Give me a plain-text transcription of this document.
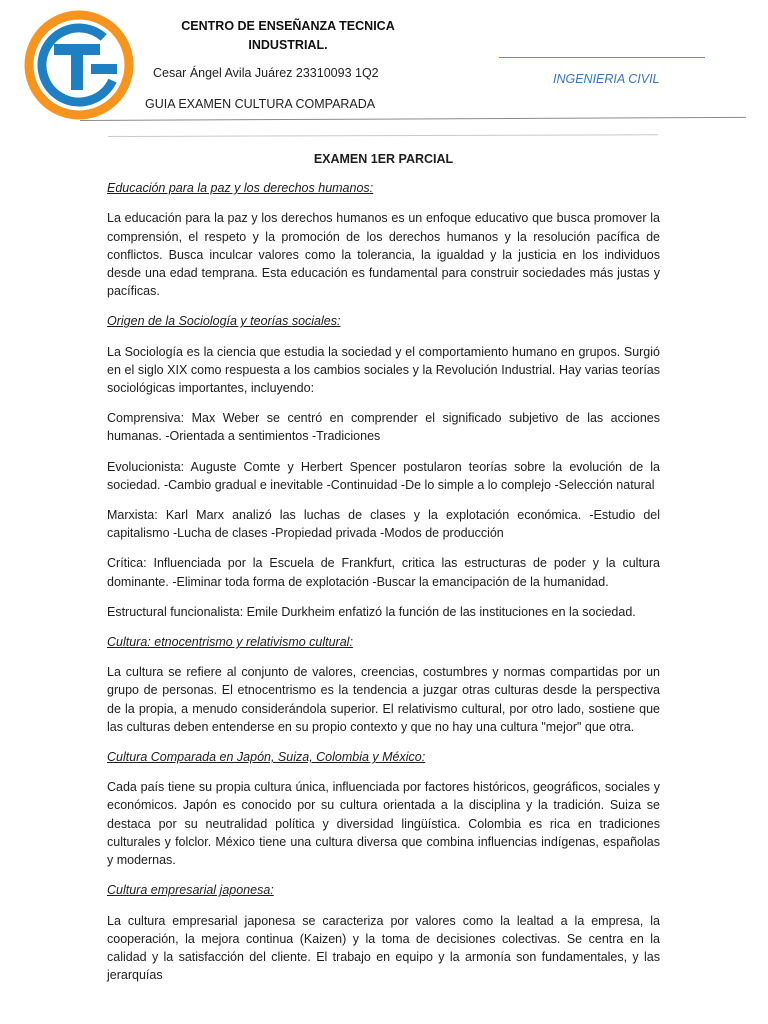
CENTRO DE ENSEÑANZA TECNICA
INDUSTRIAL.
Cesar Ángel Avila Juárez 23310093 1Q2
GUIA EXAMEN CULTURA COMPARADA
INGENIERIA CIVIL
EXAMEN 1ER PARCIAL
Educación para la paz y los derechos humanos:

La educación para la paz y los derechos humanos es un enfoque educativo que busca promover la comprensión, el respeto y la promoción de los derechos humanos y la resolución pacífica de conflictos. Busca inculcar valores como la tolerancia, la igualdad y la justicia en los individuos desde una edad temprana. Esta educación es fundamental para construir sociedades más justas y pacíficas.

Origen de la Sociología y teorías sociales:

La Sociología es la ciencia que estudia la sociedad y el comportamiento humano en grupos. Surgió en el siglo XIX como respuesta a los cambios sociales y la Revolución Industrial. Hay varias teorías sociológicas importantes, incluyendo:

Comprensiva: Max Weber se centró en comprender el significado subjetivo de las acciones humanas. -Orientada a sentimientos -Tradiciones

Evolucionista: Auguste Comte y Herbert Spencer postularon teorías sobre la evolución de la sociedad. -Cambio gradual e inevitable -Continuidad -De lo simple a lo complejo -Selección natural

Marxista: Karl Marx analizó las luchas de clases y la explotación económica. -Estudio del capitalismo -Lucha de clases -Propiedad privada -Modos de producción

Crítica: Influenciada por la Escuela de Frankfurt, critica las estructuras de poder y la cultura dominante. -Eliminar toda forma de explotación -Buscar la emancipación de la humanidad.

Estructural funcionalista: Emile Durkheim enfatizó la función de las instituciones en la sociedad.

Cultura: etnocentrismo y relativismo cultural:

La cultura se refiere al conjunto de valores, creencias, costumbres y normas compartidas por un grupo de personas. El etnocentrismo es la tendencia a juzgar otras culturas desde la perspectiva de la propia, a menudo considerándola superior. El relativismo cultural, por otro lado, sostiene que las culturas deben entenderse en su propio contexto y que no hay una cultura "mejor" que otra.

Cultura Comparada en Japón, Suiza, Colombia y México:

Cada país tiene su propia cultura única, influenciada por factores históricos, geográficos, sociales y económicos. Japón es conocido por su cultura orientada a la disciplina y la tradición. Suiza se destaca por su neutralidad política y diversidad lingüística. Colombia es rica en tradiciones culturales y folclor. México tiene una cultura diversa que combina influencias indígenas, españolas y modernas.

Cultura empresarial japonesa:

La cultura empresarial japonesa se caracteriza por valores como la lealtad a la empresa, la cooperación, la mejora continua (Kaizen) y la toma de decisiones colectivas. Se centra en la calidad y la satisfacción del cliente. El trabajo en equipo y la armonía son fundamentales, y las jerarquías
